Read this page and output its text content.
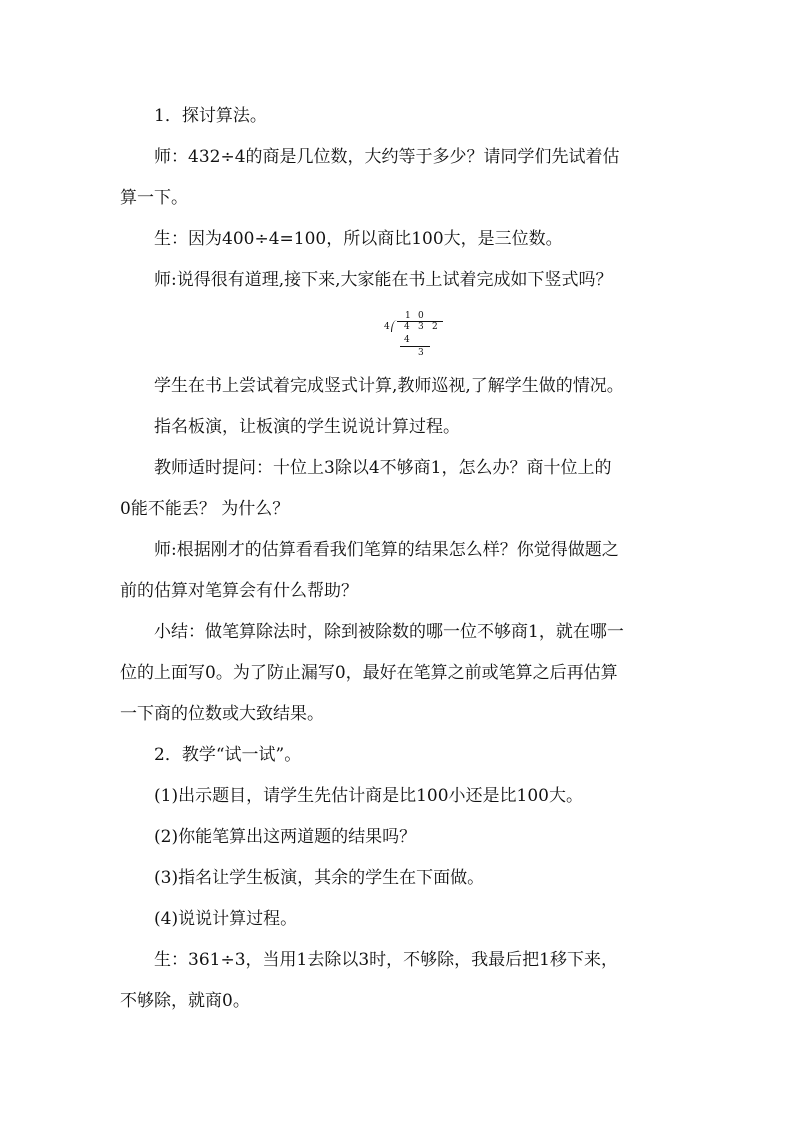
1．探讨算法。
师：432÷4的商是几位数，大约等于多少？请同学们先试着估
算一下。
生：因为400÷4=100，所以商比100大，是三位数。
师:说得很有道理,接下来,大家能在书上试着完成如下竖式吗？
1 0
4 4 3 2
4
3
学生在书上尝试着完成竖式计算,教师巡视,了解学生做的情况。
指名板演，让板演的学生说说计算过程。
教师适时提问：十位上3除以4不够商1，怎么办？商十位上的
0能不能丢？ 为什么？
师:根据刚才的估算看看我们笔算的结果怎么样？你觉得做题之
前的估算对笔算会有什么帮助？
小结：做笔算除法时，除到被除数的哪一位不够商1，就在哪一
位的上面写0。为了防止漏写0，最好在笔算之前或笔算之后再估算
一下商的位数或大致结果。
2．教学“试一试”。
(1)出示题目，请学生先估计商是比100小还是比100大。
(2)你能笔算出这两道题的结果吗？
(3)指名让学生板演，其余的学生在下面做。
(4)说说计算过程。
生：361÷3，当用1去除以3时，不够除，我最后把1移下来，
不够除，就商0。
